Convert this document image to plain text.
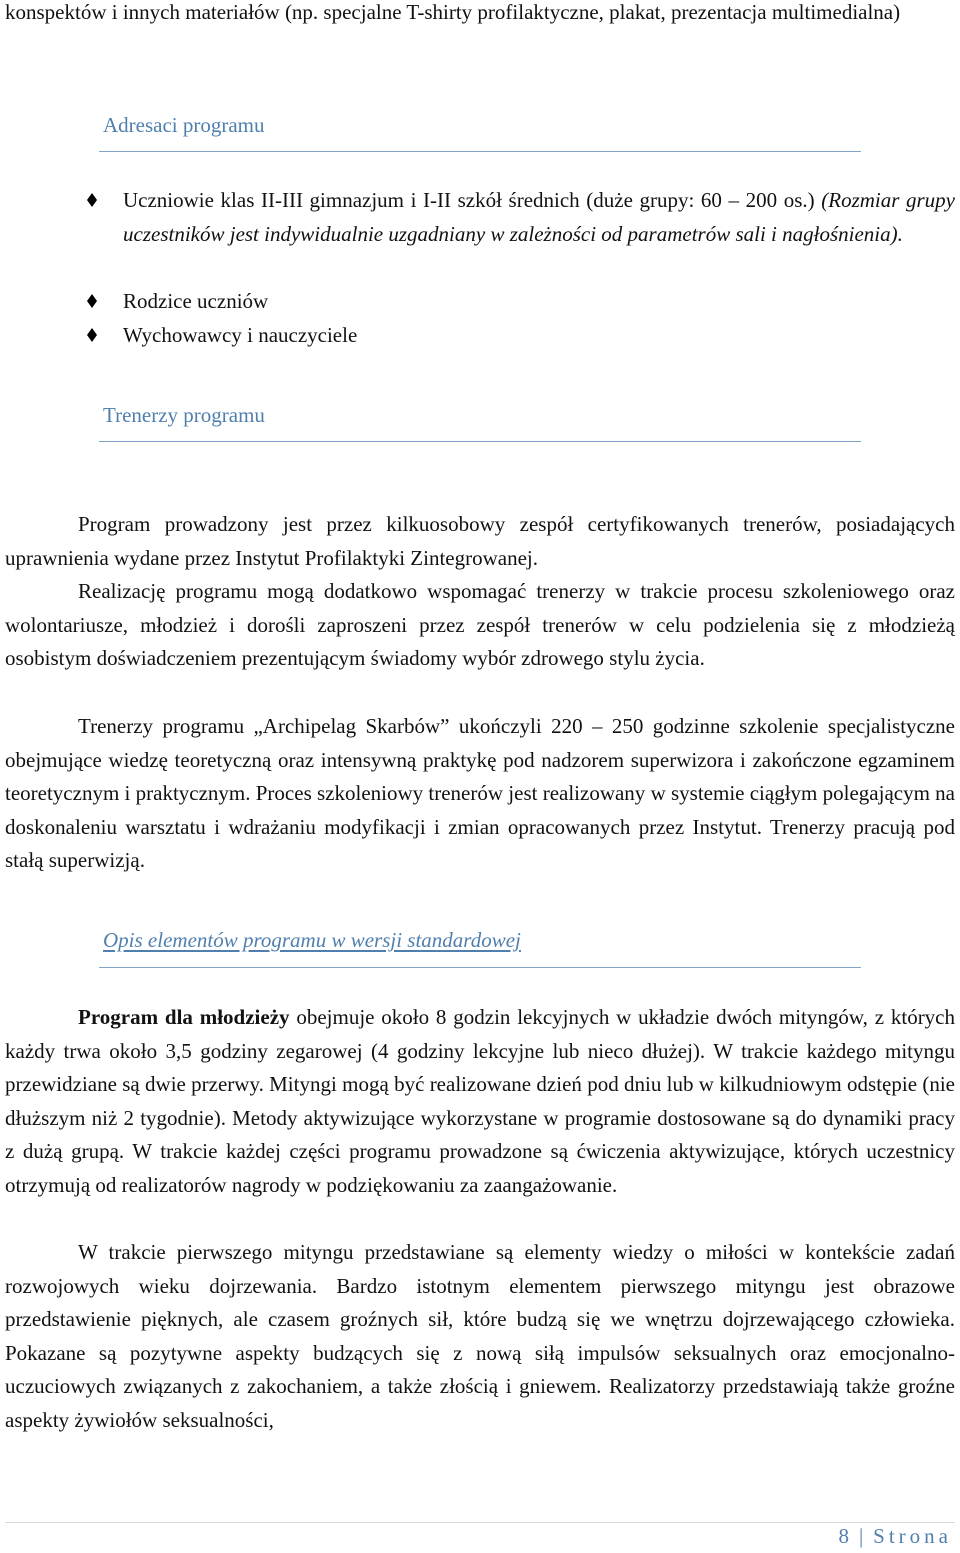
konspektów i innych materiałów (np. specjalne T-shirty profilaktyczne, plakat, prezentacja multimedialna)

Adresaci programu
Uczniowie klas II-III gimnazjum i I-II szkół średnich (duże grupy: 60 – 200 os.) (Rozmiar grupy uczestników jest indywidualnie uzgadniany w zależności od parametrów sali i nagłośnienia).
Rodzice uczniów
Wychowawcy i nauczyciele
Trenerzy programu

Program prowadzony jest przez kilkuosobowy zespół certyfikowanych trenerów, posiadających uprawnienia wydane przez Instytut Profilaktyki Zintegrowanej.

Realizację programu mogą dodatkowo wspomagać trenerzy w trakcie procesu szkoleniowego oraz wolontariusze, młodzież i dorośli zaproszeni przez zespół trenerów w celu podzielenia się z młodzieżą osobistym doświadczeniem prezentującym świadomy wybór zdrowego stylu życia.

Trenerzy programu „Archipelag Skarbów” ukończyli 220 – 250 godzinne szkolenie specjalistyczne obejmujące wiedzę teoretyczną oraz intensywną praktykę pod nadzorem superwizora i zakończone egzaminem teoretycznym i praktycznym. Proces szkoleniowy trenerów jest realizowany w systemie ciągłym polegającym na doskonaleniu warsztatu i wdrażaniu modyfikacji i zmian opracowanych przez Instytut. Trenerzy pracują pod stałą superwizją.

Opis elementów programu w wersji standardowej

Program dla młodzieży obejmuje około 8 godzin lekcyjnych w układzie dwóch mityngów, z których każdy trwa około 3,5 godziny zegarowej (4 godziny lekcyjne lub nieco dłużej). W trakcie każdego mityngu przewidziane są dwie przerwy. Mityngi mogą być realizowane dzień pod dniu lub w kilkudniowym odstępie (nie dłuższym niż 2 tygodnie). Metody aktywizujące wykorzystane w programie dostosowane są do dynamiki pracy z dużą grupą. W trakcie każdej części programu prowadzone są ćwiczenia aktywizujące, których uczestnicy otrzymują od realizatorów nagrody w podziękowaniu za zaangażowanie.

W trakcie pierwszego mityngu przedstawiane są elementy wiedzy o miłości w kontekście zadań rozwojowych wieku dojrzewania. Bardzo istotnym elementem pierwszego mityngu jest obrazowe przedstawienie pięknych, ale czasem groźnych sił, które budzą się we wnętrzu dojrzewającego człowieka. Pokazane są pozytywne aspekty budzących się z nową siłą impulsów seksualnych oraz emocjonalno-uczuciowych związanych z zakochaniem, a także złością i gniewem. Realizatorzy przedstawiają także groźne aspekty żywiołów seksualności,

8 | Strona
